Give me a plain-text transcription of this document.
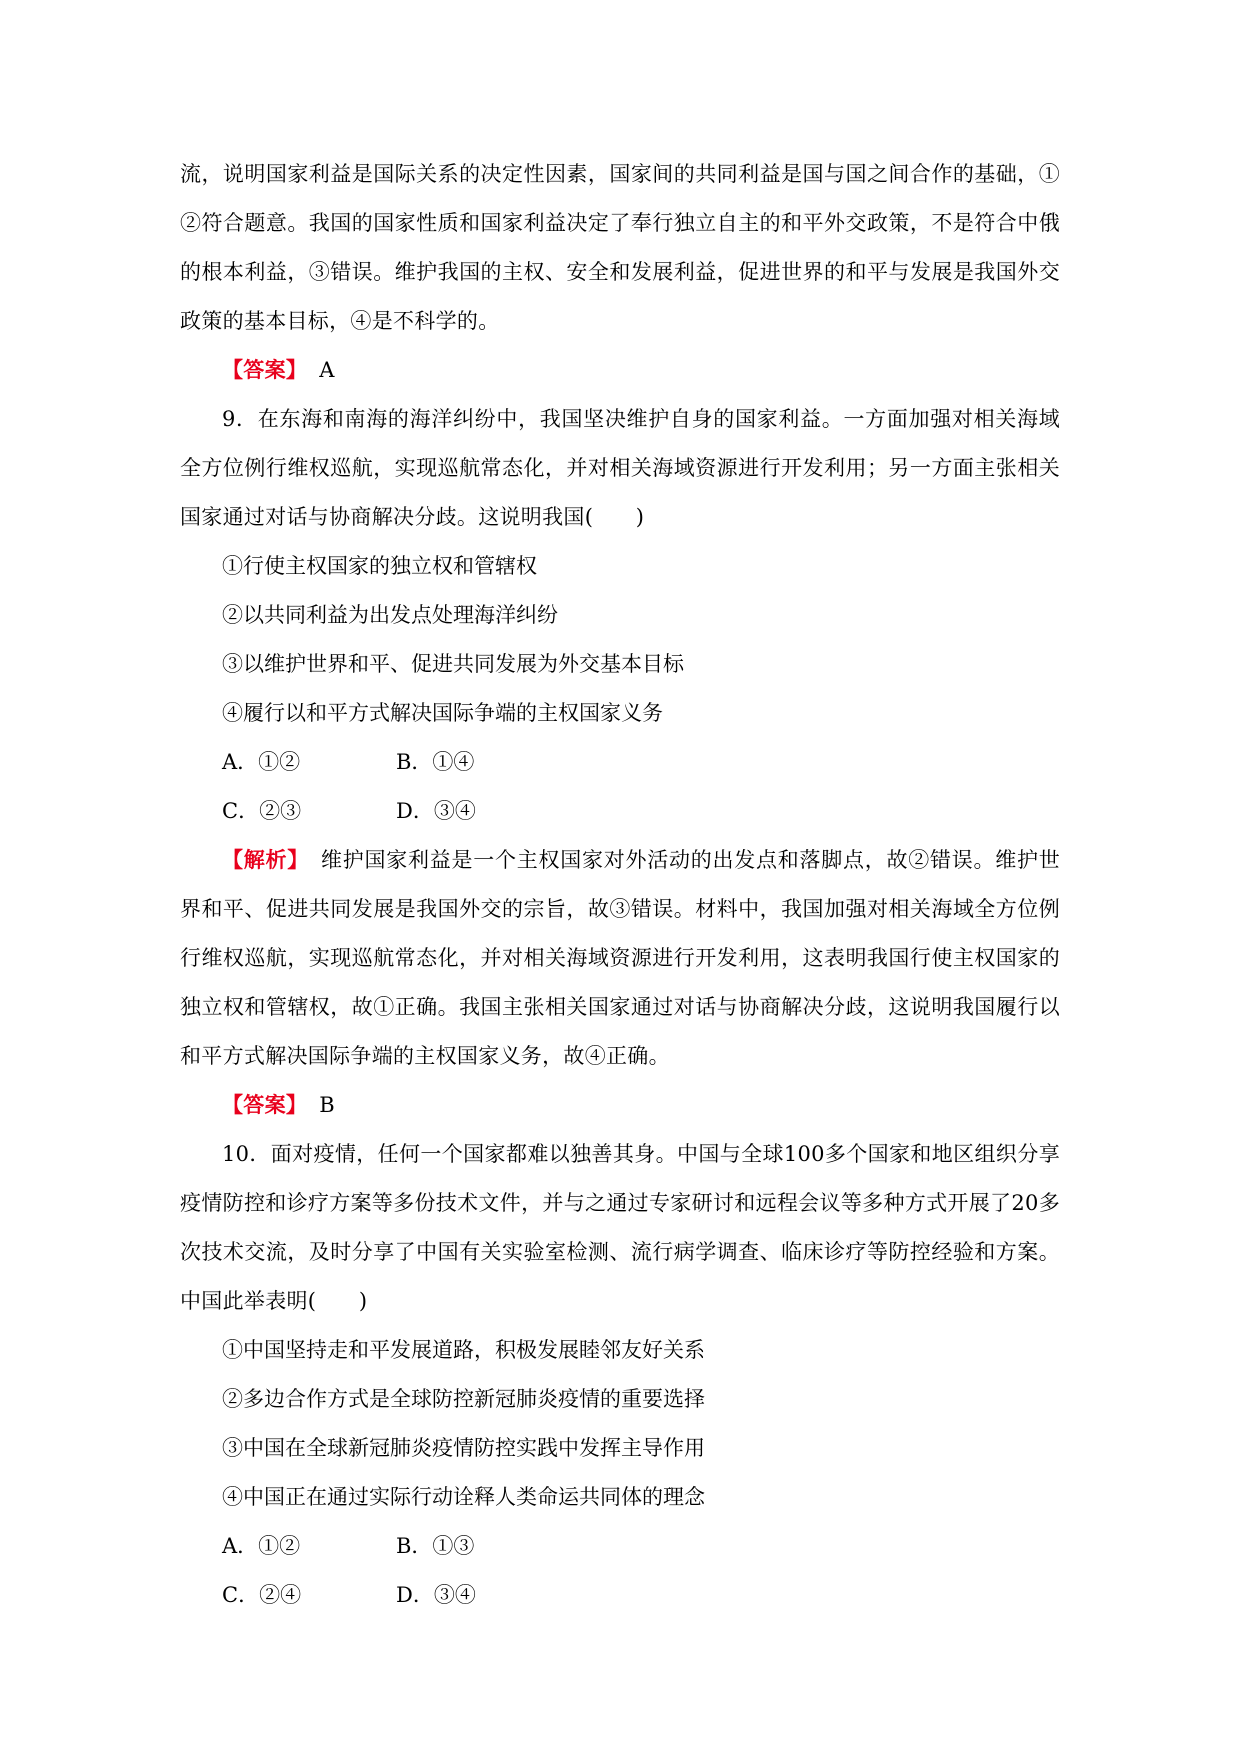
流，说明国家利益是国际关系的决定性因素，国家间的共同利益是国与国之间合作的基础，①②符合题意。我国的国家性质和国家利益决定了奉行独立自主的和平外交政策，不是符合中俄的根本利益，③错误。维护我国的主权、安全和发展利益，促进世界的和平与发展是我国外交政策的基本目标，④是不科学的。

【答案】 A

9．在东海和南海的海洋纠纷中，我国坚决维护自身的国家利益。一方面加强对相关海域全方位例行维权巡航，实现巡航常态化，并对相关海域资源进行开发利用；另一方面主张相关国家通过对话与协商解决分歧。这说明我国(　　)

①行使主权国家的独立权和管辖权

②以共同利益为出发点处理海洋纠纷

③以维护世界和平、促进共同发展为外交基本目标

④履行以和平方式解决国际争端的主权国家义务

A．①②	B．①④

C．②③	D．③④

【解析】 维护国家利益是一个主权国家对外活动的出发点和落脚点，故②错误。维护世界和平、促进共同发展是我国外交的宗旨，故③错误。材料中，我国加强对相关海域全方位例行维权巡航，实现巡航常态化，并对相关海域资源进行开发利用，这表明我国行使主权国家的独立权和管辖权，故①正确。我国主张相关国家通过对话与协商解决分歧，这说明我国履行以和平方式解决国际争端的主权国家义务，故④正确。

【答案】 B

10．面对疫情，任何一个国家都难以独善其身。中国与全球100多个国家和地区组织分享疫情防控和诊疗方案等多份技术文件，并与之通过专家研讨和远程会议等多种方式开展了20多次技术交流，及时分享了中国有关实验室检测、流行病学调查、临床诊疗等防控经验和方案。中国此举表明(　　)

①中国坚持走和平发展道路，积极发展睦邻友好关系

②多边合作方式是全球防控新冠肺炎疫情的重要选择

③中国在全球新冠肺炎疫情防控实践中发挥主导作用

④中国正在通过实际行动诠释人类命运共同体的理念

A．①②	B．①③

C．②④	D．③④
